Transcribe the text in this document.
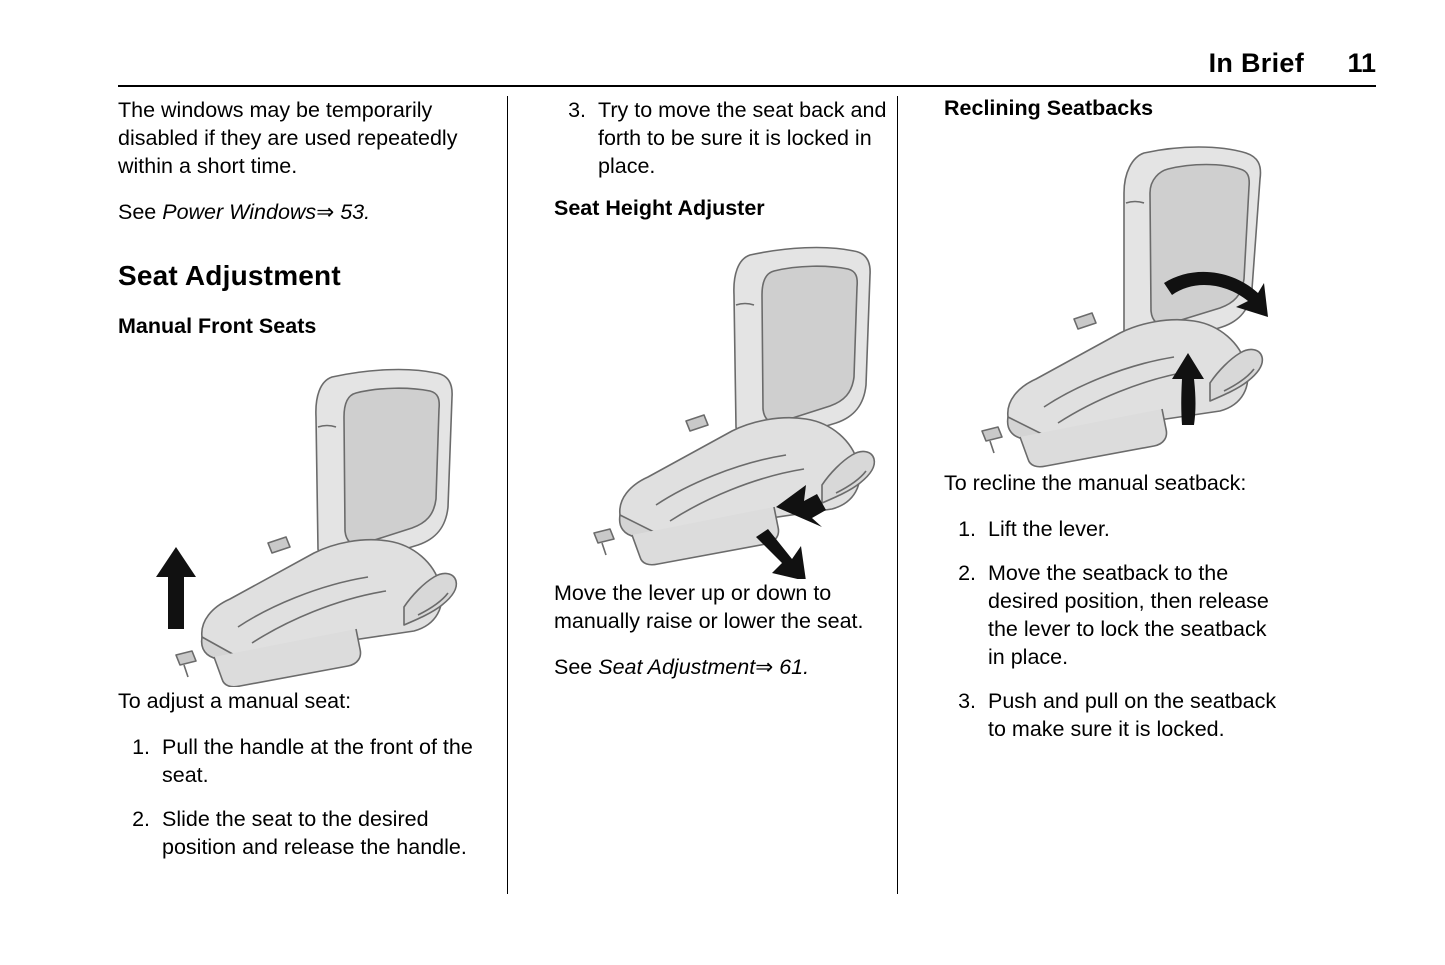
In Brief 11

The windows may be temporarily disabled if they are used repeatedly within a short time.

See Power Windows⇒ 53.

Seat Adjustment
Manual Front Seats

To adjust a manual seat:

1. Pull the handle at the front of the seat.
2. Slide the seat to the desired position and release the handle.
3. Try to move the seat back and forth to be sure it is locked in place.
Seat Height Adjuster

Move the lever up or down to manually raise or lower the seat.

See Seat Adjustment⇒ 61.

Reclining Seatbacks

To recline the manual seatback:

1. Lift the lever.
2. Move the seatback to the desired position, then release the lever to lock the seatback in place.
3. Push and pull on the seatback to make sure it is locked.
